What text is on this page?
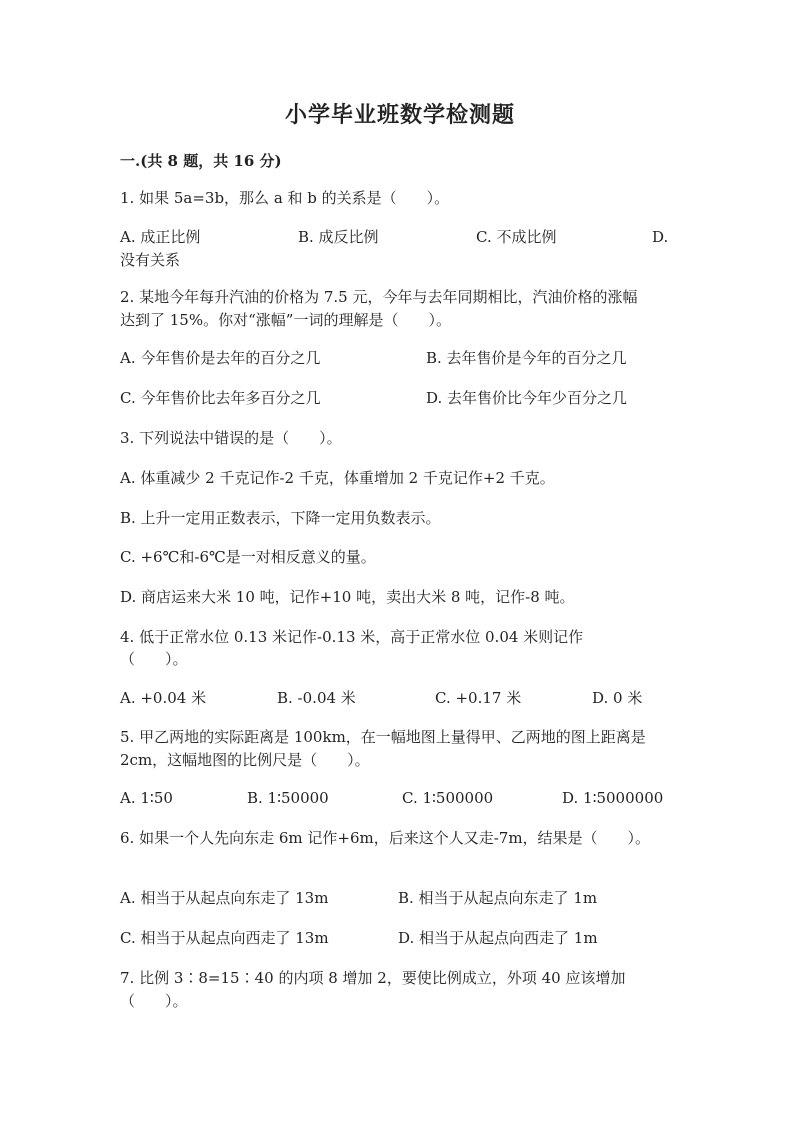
小学毕业班数学检测题
一.(共 8 题，共 16 分)
1. 如果 5a=3b，那么 a 和 b 的关系是（　　）。
A. 成正比例	B. 成反比例	C. 不成比例	D.
没有关系
2. 某地今年每升汽油的价格为 7.5 元，今年与去年同期相比，汽油价格的涨幅
达到了 15%。你对“涨幅”一词的理解是（　　）。
A. 今年售价是去年的百分之几	B. 去年售价是今年的百分之几
C. 今年售价比去年多百分之几	D. 去年售价比今年少百分之几
3. 下列说法中错误的是（　　）。
A. 体重减少 2 千克记作-2 千克，体重增加 2 千克记作+2 千克。
B. 上升一定用正数表示，下降一定用负数表示。
C. +6℃和-6℃是一对相反意义的量。
D. 商店运来大米 10 吨，记作+10 吨，卖出大米 8 吨，记作-8 吨。
4. 低于正常水位 0.13 米记作-0.13 米，高于正常水位 0.04 米则记作
（　　）。
A. +0.04 米	B. -0.04 米	C. +0.17 米	D. 0 米
5. 甲乙两地的实际距离是 100km，在一幅地图上量得甲、乙两地的图上距离是
2cm，这幅地图的比例尺是（　　）。
A. 1∶50	B. 1∶50000	C. 1∶500000	D. 1∶5000000
6. 如果一个人先向东走 6m 记作+6m，后来这个人又走-7m，结果是（　　）。
A. 相当于从起点向东走了 13m	B. 相当于从起点向东走了 1m
C. 相当于从起点向西走了 13m	D. 相当于从起点向西走了 1m
7. 比例 3∶8=15∶40 的内项 8 增加 2，要使比例成立，外项 40 应该增加
（　　）。
